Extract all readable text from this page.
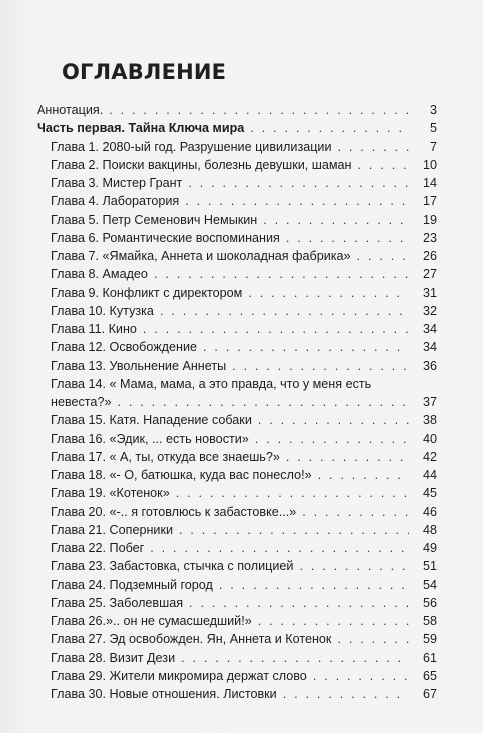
ОГЛАВЛЕНИЕ
Аннотация. . . .	3
Часть первая. Тайна Ключа мира . . .	5
Глава 1. 2080-ый год. Разрушение цивилизации . . .	7
Глава 2. Поиски вакцины, болезнь девушки, шаман . . .	10
Глава 3. Мистер Грант . . .	14
Глава 4. Лаборатория . . .	17
Глава 5. Петр Семенович Немыкин . . .	19
Глава 6. Романтические воспоминания . . .	23
Глава 7. «Ямайка, Аннета и шоколадная фабрика» . . .	26
Глава 8. Амадео . . .	27
Глава 9. Конфликт с директором . . .	31
Глава 10. Кутузка . . .	32
Глава 11. Кино . . .	34
Глава 12. Освобождение . . .	34
Глава 13. Увольнение Аннеты . . .	36
Глава 14. « Мама, мама, а это правда, что у меня есть
невеста?» . . .	37
Глава 15. Катя. Нападение собаки . . .	38
Глава 16. «Эдик, ... есть новости» . . .	40
Глава 17. « А, ты, откуда все знаешь?» . . .	42
Глава 18. «- О, батюшка, куда вас понесло!» . . .	44
Глава 19. «Котенок» . . .	45
Глава 20. «-.. я готовлюсь к забастовке...» . . .	46
Глава 21. Соперники . . .	48
Глава 22. Побег . . .	49
Глава 23. Забастовка, стычка с полицией . . .	51
Глава 24. Подземный город . . .	54
Глава 25. Заболевшая . . .	56
Глава 26.».. он не сумасшедший!» . . .	58
Глава 27. Эд освобожден. Ян, Аннета и Котенок . . .	59
Глава 28. Визит Дези . . .	61
Глава 29. Жители микромира держат слово . . .	65
Глава 30. Новые отношения. Листовки . . .	67
